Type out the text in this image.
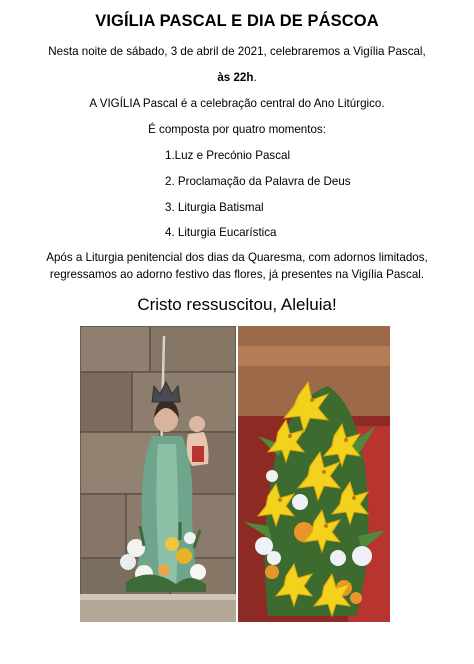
VIGÍLIA PASCAL E DIA DE PÁSCOA
Nesta noite de sábado, 3 de abril de 2021, celebraremos a Vigília Pascal,
às 22h.
A VIGÍLIA Pascal é a celebração central do Ano Litúrgico.
É composta por quatro momentos:
1.Luz e Precónio Pascal
2. Proclamação da Palavra de Deus
3. Liturgia Batismal
4. Liturgia Eucarística
Após a Liturgia penitencial dos dias da Quaresma, com adornos limitados,
regressamos ao adorno festivo das flores, já presentes na Vigília Pascal.
Cristo ressuscitou, Aleluia!
